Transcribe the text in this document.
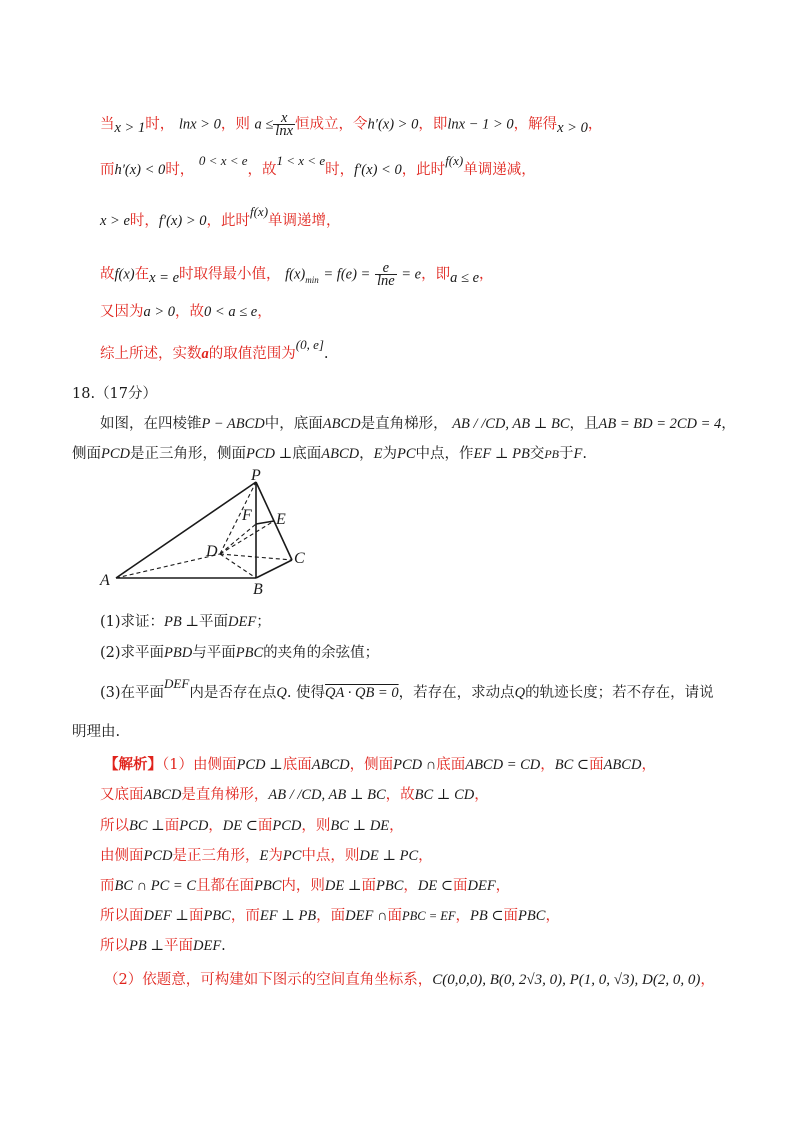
当x > 1时， lnx > 0，则 $a \le \frac{x}{\ln x}$ 恒成立，令h′(x) > 0，即lnx − 1 > 0，解得x > 0，
而h′(x) < 0时， 0 < x < e，故1 < x < e时，f′(x) < 0，此时f(x)单调递减，
x > e时，f′(x) > 0，此时f(x)单调递增，
故f(x)在x = e时取得最小值， $f(x)_{min} = f(e) = \frac{e}{\ln e} = e$，即a ≤ e，
又因为a > 0，故0 < a ≤ e，
综上所述，实数a的取值范围为(0, e].
18.（17分）
如图，在四棱锥P − ABCD中，底面ABCD是直角梯形， AB / /CD, AB ⊥ BC，且AB = BD = 2CD = 4，
侧面PCD是正三角形，侧面PCD ⊥底面ABCD，E为PC中点，作EF ⊥ PB交PB于F.
P
F E
D	C
A
B
(1)求证：PB ⊥平面DEF；
(2)求平面PBD与平面PBC的夹角的余弦值；
(3)在平面DEF内是否存在点Q. 使得QA · QB = 0，若存在，求动点Q的轨迹长度；若不存在，请说
明理由.
【解析】（1）由侧面PCD ⊥底面ABCD，侧面PCD ∩底面ABCD = CD，BC ⊂面ABCD，
又底面ABCD是直角梯形，AB / /CD, AB ⊥ BC，故BC ⊥ CD，
所以BC ⊥面PCD，DE ⊂面PCD，则BC ⊥ DE，
由侧面PCD是正三角形，E为PC中点，则DE ⊥ PC，
而BC ∩ PC = C且都在面PBC内，则DE ⊥面PBC，DE ⊂面DEF，
所以面DEF ⊥面PBC，而EF ⊥ PB，面DEF ∩面PBC = EF，PB ⊂面PBC，
所以PB ⊥平面DEF.
（2）依题意，可构建如下图示的空间直角坐标系，C(0,0,0), B(0, 2√3, 0), P(1, 0, √3), D(2, 0, 0)，
